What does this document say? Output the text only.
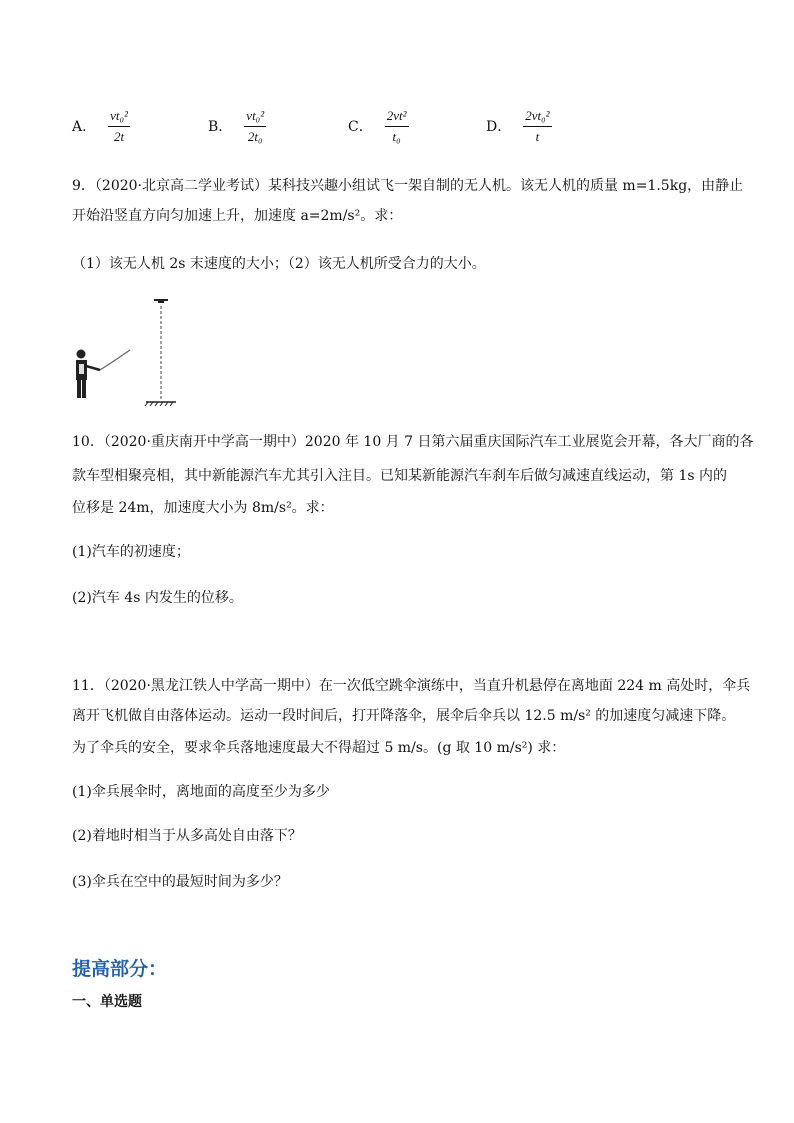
A． $\frac{\text{vt₀²}}{2t}$	B． $\frac{\text{vt₀²}}{\text{2t₀}}$	C． $\frac{\text{2vt²}}{\text{t₀}}$	D． $\frac{\text{2vt₀²}}{t}$
9．（2020·北京高二学业考试）某科技兴趣小组试飞一架自制的无人机。该无人机的质量 m=1.5kg，由静止
开始沿竖直方向匀加速上升，加速度 a=2m/s²。求：
（1）该无人机 2s 末速度的大小；（2）该无人机所受合力的大小。
10．（2020·重庆南开中学高一期中）2020 年 10 月 7 日第六届重庆国际汽车工业展览会开幕，各大厂商的各
款车型相聚亮相，其中新能源汽车尤其引入注目。已知某新能源汽车刹车后做匀减速直线运动，第 1s 内的
位移是 24m，加速度大小为 8m/s²。求：
(1)汽车的初速度；
(2)汽车 4s 内发生的位移。
11．（2020·黑龙江铁人中学高一期中）在一次低空跳伞演练中，当直升机悬停在离地面 224 m 高处时，伞兵
离开飞机做自由落体运动。运动一段时间后，打开降落伞，展伞后伞兵以 12.5 m/s² 的加速度匀减速下降。
为了伞兵的安全，要求伞兵落地速度最大不得超过 5 m/s。(g 取 10 m/s²) 求：
(1)伞兵展伞时，离地面的高度至少为多少
(2)着地时相当于从多高处自由落下？
(3)伞兵在空中的最短时间为多少？
提高部分：
一、单选题
